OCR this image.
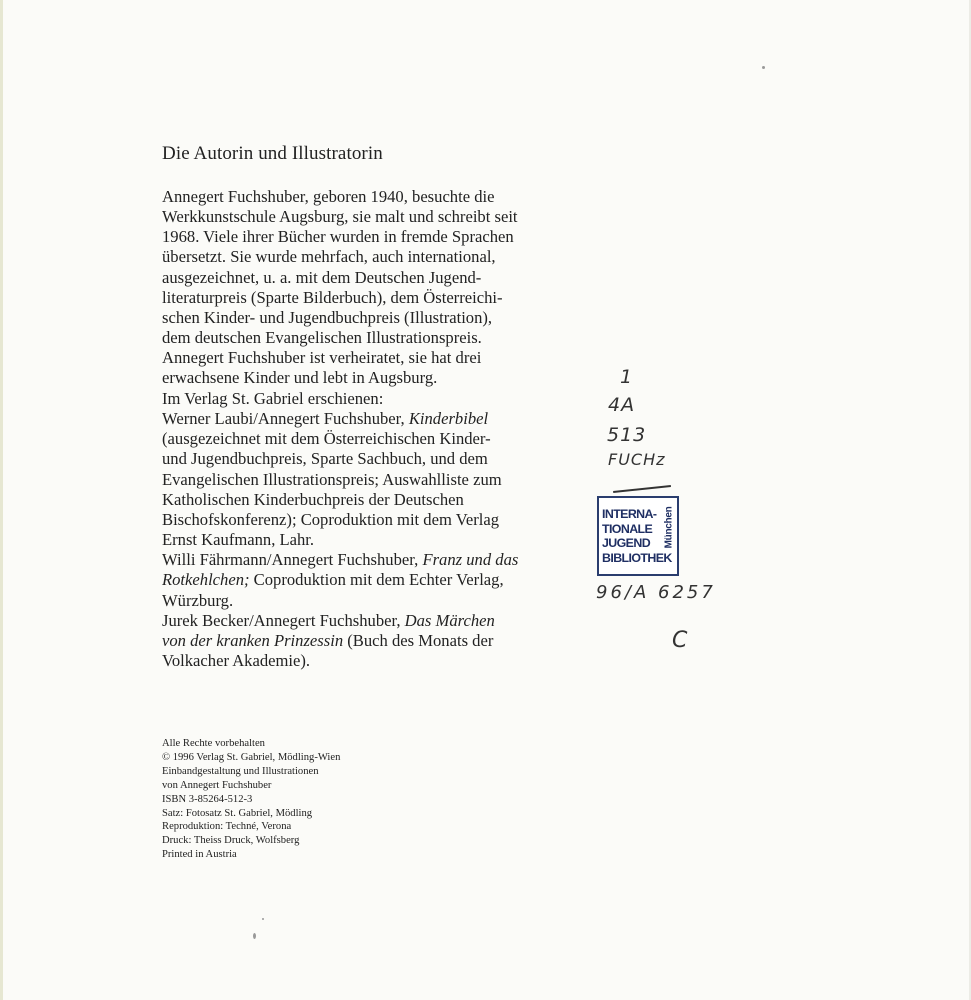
Die Autorin und Illustratorin
Annegert Fuchshuber, geboren 1940, besuchte die
Werkkunstschule Augsburg, sie malt und schreibt seit
1968. Viele ihrer Bücher wurden in fremde Sprachen
übersetzt. Sie wurde mehrfach, auch international,
ausgezeichnet, u. a. mit dem Deutschen Jugend-
literaturpreis (Sparte Bilderbuch), dem Österreichi-
schen Kinder- und Jugendbuchpreis (Illustration),
dem deutschen Evangelischen Illustrationspreis.
Annegert Fuchshuber ist verheiratet, sie hat drei
erwachsene Kinder und lebt in Augsburg.
Im Verlag St. Gabriel erschienen:
Werner Laubi/Annegert Fuchshuber, Kinderbibel
(ausgezeichnet mit dem Österreichischen Kinder-
und Jugendbuchpreis, Sparte Sachbuch, und dem
Evangelischen Illustrationspreis; Auswahlliste zum
Katholischen Kinderbuchpreis der Deutschen
Bischofskonferenz); Coproduktion mit dem Verlag
Ernst Kaufmann, Lahr.
Willi Fährmann/Annegert Fuchshuber, Franz und das
Rotkehlchen; Coproduktion mit dem Echter Verlag,
Würzburg.
Jurek Becker/Annegert Fuchshuber, Das Märchen
von der kranken Prinzessin (Buch des Monats der
Volkacher Akademie).
Alle Rechte vorbehalten
© 1996 Verlag St. Gabriel, Mödling-Wien
Einbandgestaltung und Illustrationen
von Annegert Fuchshuber
ISBN 3-85264-512-3
Satz: Fotosatz St. Gabriel, Mödling
Reproduktion: Techné, Verona
Druck: Theiss Druck, Wolfsberg
Printed in Austria
1
4A
513
FUCHz
INTERNA-
TIONALE
JUGEND
BIBLIOTHEK
München
96/A 6257
C
